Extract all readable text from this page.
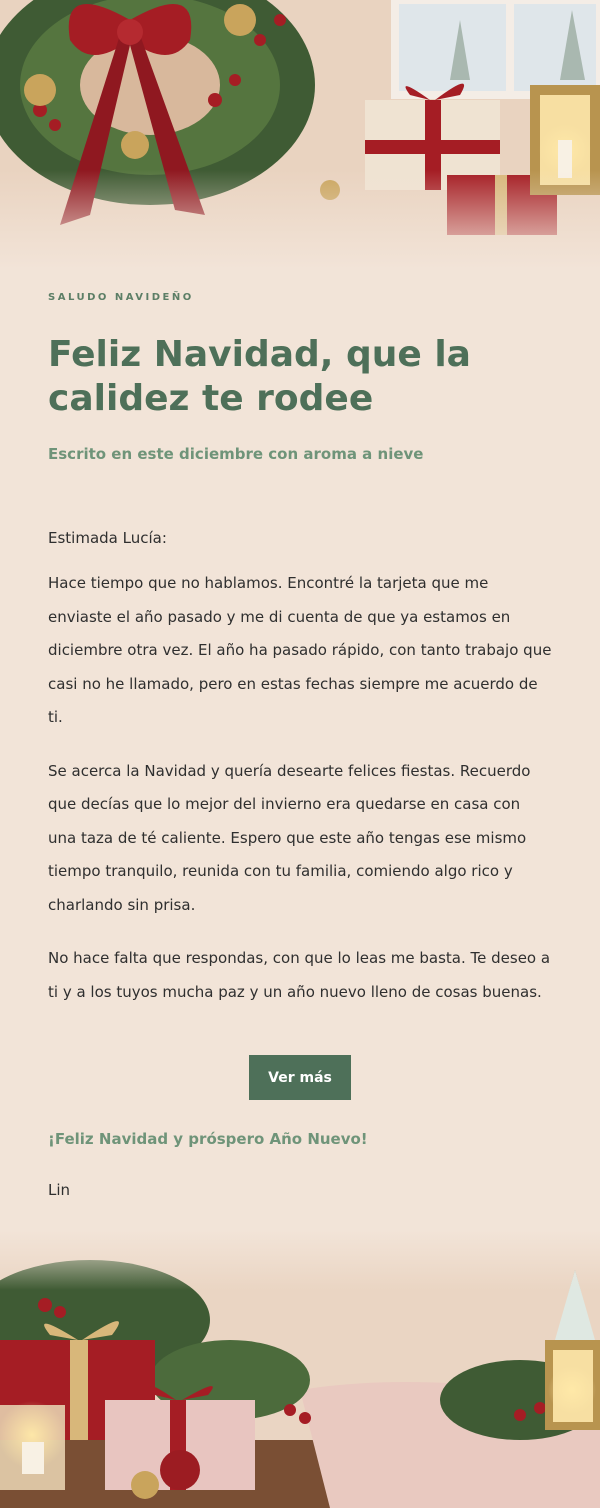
SALUDO NAVIDEÑO

Feliz Navidad, que la calidez te rodee

Escrito en este diciembre con aroma a nieve

Estimada Lucía:

Hace tiempo que no hablamos. Encontré la tarjeta que me enviaste el año pasado y me di cuenta de que ya estamos en diciembre otra vez. El año ha pasado rápido, con tanto trabajo que casi no he llamado, pero en estas fechas siempre me acuerdo de ti.

Se acerca la Navidad y quería desearte felices fiestas. Recuerdo que decías que lo mejor del invierno era quedarse en casa con una taza de té caliente. Espero que este año tengas ese mismo tiempo tranquilo, reunida con tu familia, comiendo algo rico y charlando sin prisa.

No hace falta que respondas, con que lo leas me basta. Te deseo a ti y a los tuyos mucha paz y un año nuevo lleno de cosas buenas.

Ver más

¡Feliz Navidad y próspero Año Nuevo!

Lin
